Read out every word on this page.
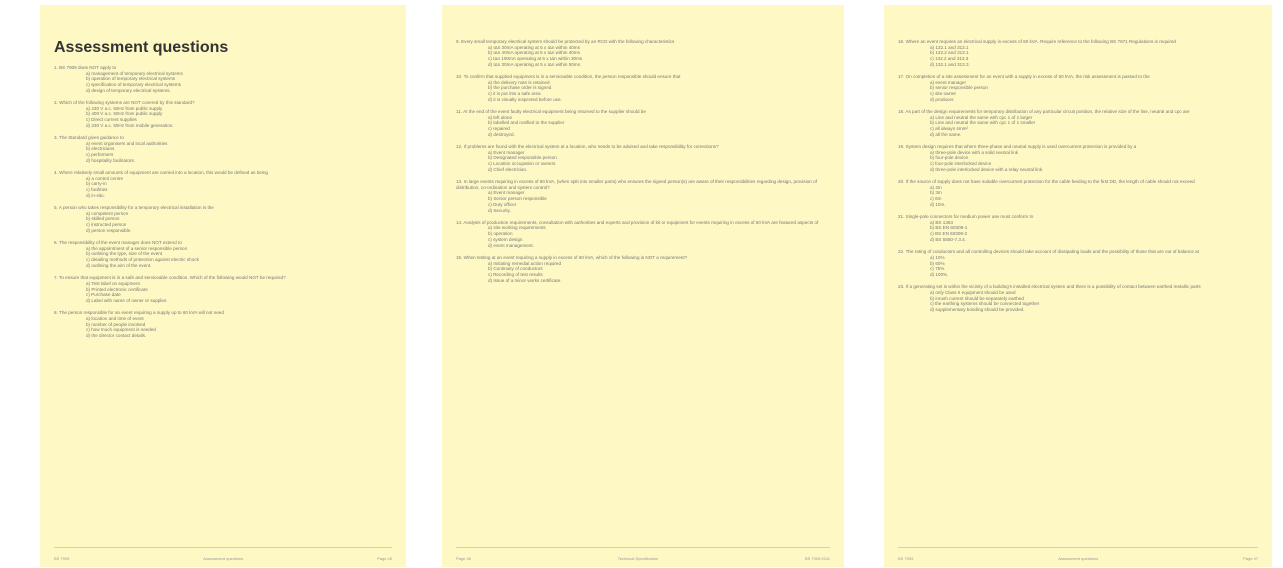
Assessment questions
1. BS 7909 does NOT apply to
a) management of temporary electrical systems
b) operation of temporary electrical systems
c) specification of temporary electrical systems
d) design of temporary electrical systems.
2. Which of the following systems are NOT covered by this standard?
a) 230 V a.c. 50Hz from public supply
b) 400 V a.c. 50Hz from public supply
c) Direct current supplies
d) 230 V a.c. 50Hz from mobile generation.
3. The Standard gives guidance to
a) event organisers and local authorities
b) electricians
c) performers
d) hospitality facilitators.
4. Where relatively small amounts of equipment are carried into a location, this would be defined as being
a) a control centre
b) carry-in
c) facilities
d) in-situ.
5. A person who takes responsibility for a temporary electrical installation is the
a) competent person
b) skilled person
c) instructed person
d) person responsible.
6. The responsibility of the event manager does NOT extend to
a) the appointment of a senior responsible person
b) outlining the type, size of the event
c) detailing methods of protection against electric shock
d) outlining the aim of the event.
7. To ensure that equipment is in a safe and serviceable condition. Which of the following would NOT be required?
a) Test label on equipment
b) Printed electronic certificate
c) Purchase date
d) Label with name of owner or supplier.
8. The person responsible for an event requiring a supply up to 60 kVA will not need
a) location and time of event
b) number of people involved
c) how much equipment is needed
d) the director contact details.
BS 7909	Assessment questions	Page 45
9. Every small temporary electrical system should be protected by an RCD with the following characteristics
a) IΔn 30mA operating at 5 x IΔn within 40ms
b) IΔn 40mA operating at 5 x IΔn within 40ms
c) IΔn 100mA operating at 5 x IΔn within 30ms
d) IΔn 30mA operating at 5 x IΔn within 50ms.
10. To confirm that supplied equipment is in a serviceable condition, the person responsible should ensure that
a) the delivery note is retained
b) the purchase order is signed
c) it is put into a safe area
d) it is visually inspected before use.
11. At the end of the event faulty electrical equipment being returned to the supplier should be
a) left alone
b) labelled and notified to the supplier
c) repaired
d) destroyed.
12. If problems are found with the electrical system at a location, who needs to be advised and take responsibility for corrections?
a) Event manager
b) Designated responsible person
c) Location occupation or owners
d) Chief electrician.
13. In large events requiring in excess of 60 kVA, (when split into smaller parts) who ensures the signed person(s) are aware of their responsibilities regarding design, provision of distribution, co-ordination and system control?
a) Event manager
b) Senior person responsible
c) Duty officer
d) Security.
14. Analysis of production requirements, consultation with authorities and experts and provision of kit or equipment for events requiring in excess of 60 kVA are featured aspects of
a) site working requirements
b) operation
c) system design
d) event management.
15. When testing at an event requiring a supply in excess of 60 kVA, which of the following is NOT a requirement?
a) Initiating remedial action required
b) Continuity of conductors
c) Recording of test results
d) Issue of a minor works certificate.
Page 46	Technical Specification	BS 7909:2011
16. Where an event requires an electrical supply in excess of 60 kVA. Require reference to the following BS 7671 Regulations is required
a) 132.1 and 313.1
b) 132.2 and 313.1
c) 132.2 and 313.3
d) 132.1 and 313.3.
17. On completion of a site assessment for an event with a supply in excess of 60 kVA, the risk assessment is passed to the
a) event manager
b) senior responsible person
c) site owner
d) producer.
18. As part of the design requirements for temporary distribution of any particular circuit position, the relative size of the line, neutral and cpc are
a) Line and neutral the same with cpc 1 of 1 larger
b) Line and neutral the same with cpc 1 of 1 smaller
c) all always 4mm²
d) all the same.
19. System design requires that where three-phase and neutral supply is used overcurrent protection is provided by a
a) three-pole device with a solid neutral link
b) four-pole device
c) four-pole interlocked device
d) three-pole interlocked device with a relay neutral link.
20. If the source of supply does not have suitable overcurrent protection for the cable feeding to the first DD, the length of cable should not exceed
a) 2m
b) 3m
c) 6m
d) 10m.
21. Single-pole connectors for medium power use must conform to
a) BS 1363
b) BS EN 60309-1
c) BS EN 60309-2
d) BS 5550-7.3.4.
22. The rating of conductors and all controlling devices should take account of dissipating loads and the possibility of those that are out of balance at
a) 10%
b) 60%
c) 75%
d) 100%.
23. If a generating set is within the vicinity of a building's installed electrical system and there is a possibility of contact between earthed metallic parts
a) only Class II equipment should be used
b) inrush current should be separately earthed
c) the earthing systems should be connected together
d) supplementary bonding should be provided.
BS 7909	Assessment questions	Page 47
